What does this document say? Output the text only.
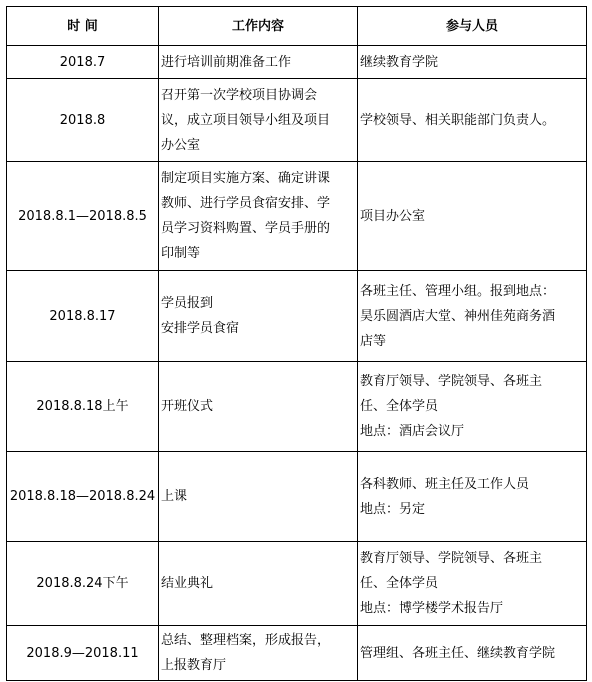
时 间	工作内容	参与人员
2018.7	进行培训前期准备工作	继续教育学院

2018.8	召开第一次学校项目协调会
议，成立项目领导小组及项目
办公室	学校领导、相关职能部门负责人。

2018.8.1—2018.8.5	制定项目实施方案、确定讲课
教师、进行学员食宿安排、学
员学习资料购置、学员手册的
印制等	项目办公室

2018.8.17	学员报到
安排学员食宿	各班主任、管理小组。报到地点：
昊乐圆酒店大堂、神州佳苑商务酒
店等

2018.8.18上午	开班仪式	教育厅领导、学院领导、各班主
任、全体学员
地点：酒店会议厅

2018.8.18—2018.8.24	上课	各科教师、班主任及工作人员
地点：另定

2018.8.24下午	结业典礼	教育厅领导、学院领导、各班主
任、全体学员
地点：博学楼学术报告厅

2018.9—2018.11	总结、整理档案，形成报告，
上报教育厅	管理组、各班主任、继续教育学院
